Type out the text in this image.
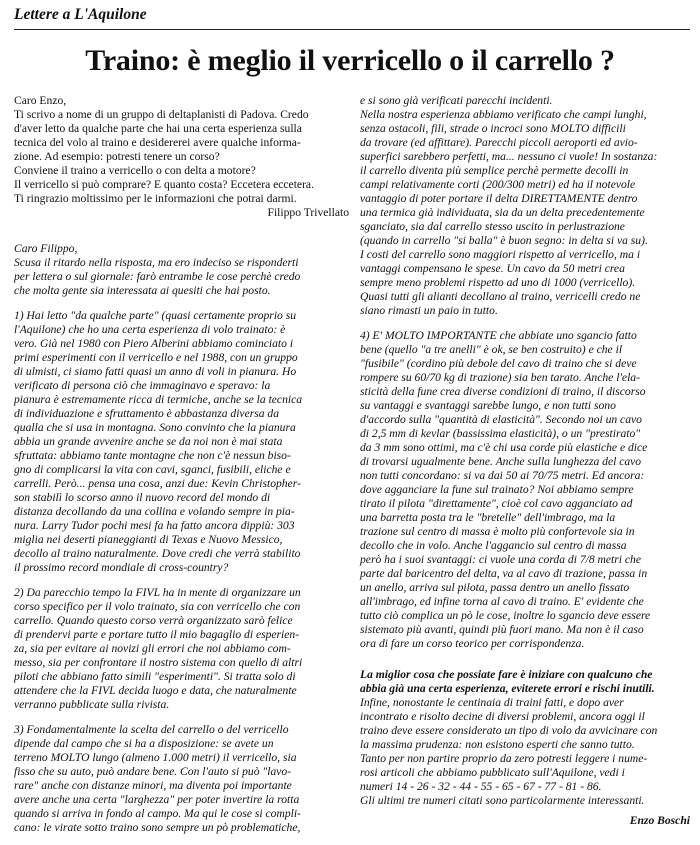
Lettere a L'Aquilone
Traino: è meglio il verricello o il carrello ?

Caro Enzo,

Ti scrivo a nome di un gruppo di deltaplanisti di Padova. Credo

d'aver letto da qualche parte che hai una certa esperienza sulla

tecnica del volo al traino e desidererei avere qualche informa-

zione. Ad esempio: potresti tenere un corso?

Conviene il traino a verricello o con delta a motore?

Il verricello si può comprare? E quanto costa? Eccetera eccetera.

Ti ringrazio moltissimo per le informazioni che potrai darmi.

Filippo Trivellato

Caro Filippo,

Scusa il ritardo nella risposta, ma ero indeciso se risponderti

per lettera o sul giornale: farò entrambe le cose perchè credo

che molta gente sia interessata ai quesiti che hai posto.

1) Hai letto "da qualche parte" (quasi certamente proprio su

l'Aquilone) che ho una certa esperienza di volo trainato: è

vero. Già nel 1980 con Piero Alberini abbiamo cominciato i

primi esperimenti con il verricello e nel 1988, con un gruppo

di ulmisti, ci siamo fatti quasi un anno di voli in pianura. Ho

verificato di persona ciò che immaginavo e speravo: la

pianura è estremamente ricca di termiche, anche se la tecnica

di individuazione e sfruttamento è abbastanza diversa da

qualla che si usa in montagna. Sono convinto che la pianura

abbia un grande avvenire anche se da noi non è mai stata

sfruttata: abbiamo tante montagne che non c'è nessun biso-

gno di complicarsi la vita con cavi, sganci, fusibili, eliche e

carrelli. Però... pensa una cosa, anzi due: Kevin Christopher-

son stabilì lo scorso anno il nuovo record del mondo di

distanza decollando da una collina e volando sempre in pia-

nura. Larry Tudor pochi mesi fa ha fatto ancora dippiù: 303

miglia nei deserti pianeggianti di Texas e Nuovo Messico,

decollo al traino naturalmente. Dove credi che verrà stabilito

il prossimo record mondiale di cross-country?

2) Da parecchio tempo la FIVL ha in mente di organizzare un

corso specifico per il volo trainato, sia con verricello che con

carrello. Quando questo corso verrà organizzato sarò felice

di prendervi parte e portare tutto il mio bagaglio di esperien-

za, sia per evitare ai novizi gli errori che noi abbiamo com-

messo, sia per confrontare il nostro sistema con quello di altri

piloti che abbiano fatto simili "esperimenti". Si tratta solo di

attendere che la FIVL decida luogo e data, che naturalmente

verranno pubblicate sulla rivista.

3) Fondamentalmente la scelta del carrello o del verricello

dipende dal campo che si ha a disposizione: se avete un

terreno MOLTO lungo (almeno 1.000 metri) il verricello, sia

fisso che su auto, può andare bene. Con l'auto si può "lavo-

rare" anche con distanze minori, ma diventa poi importante

avere anche una certa "larghezza" per poter invertire la rotta

quando si arriva in fondo al campo. Ma qui le cose si compli-

cano: le virate sotto traino sono sempre un pò problematiche,

e si sono già verificati parecchi incidenti.

Nella nostra esperienza abbiamo verificato che campi lunghi,

senza ostacoli, fili, strade o incroci sono MOLTO difficili

da trovare (ed affittare). Parecchi piccoli aeroporti ed avio-

superfici sarebbero perfetti, ma... nessuno ci vuole! In sostanza:

il carrello diventa più semplice perchè permette decolli in

campi relativamente corti (200/300 metri) ed ha il notevole

vantaggio di poter portare il delta DIRETTAMENTE dentro

una termica già individuata, sia da un delta precedentemente

sganciato, sia dal carrello stesso uscito in perlustrazione

(quando in carrello "si balla" è buon segno: in delta si va su).

I costi del carrello sono maggiori rispetto al verricello, ma i

vantaggi compensano le spese. Un cavo da 50 metri crea

sempre meno problemi rispetto ad uno di 1000 (verricello).

Quasi tutti gli alianti decollano al traino, verricelli credo ne

siano rimasti un paio in tutto.

4) E' MOLTO IMPORTANTE che abbiate uno sgancio fatto

bene (quello "a tre anelli" è ok, se ben costruito) e che il

"fusibile" (cordino più debole del cavo di traino che si deve

rompere su 60/70 kg di trazione) sia ben tarato. Anche l'ela-

sticità della fune crea diverse condizioni di traino, il discorso

su vantaggi e svantaggi sarebbe lungo, e non tutti sono

d'accordo sulla "quantità di elasticità". Secondo noi un cavo

di 2,5 mm di kevlar (bassissima elasticità), o un "prestirato"

da 3 mm sono ottimi, ma c'è chi usa corde più elastiche e dice

di trovarsi ugualmente bene. Anche sulla lunghezza del cavo

non tutti concordano: si va dai 50 ai 70/75 metri. Ed ancora:

dove agganciare la fune sul trainato? Noi abbiamo sempre

tirato il pilota "direttamente", cioè col cavo agganciato ad

una barretta posta tra le "bretelle" dell'imbrago, ma la

trazione sul centro di massa è molto più confortevole sia in

decollo che in volo. Anche l'aggancio sul centro di massa

però ha i suoi svantaggi: ci vuole una corda di 7/8 metri che

parte dal baricentro del delta, va al cavo di trazione, passa in

un anello, arriva sul pilota, passa dentro un anello fissato

all'imbrago, ed infine torna al cavo di traino. E' evidente che

tutto ciò complica un pò le cose, inoltre lo sgancio deve essere

sistemato più avanti, quindi più fuori mano. Ma non è il caso

ora di fare un corso teorico per corrispondenza.

La miglior cosa che possiate fare è iniziare con qualcuno che

abbia già una certa esperienza, eviterete errori e rischi inutili.

Infine, nonostante le centinaia di traini fatti, e dopo aver

incontrato e risolto decine di diversi problemi, ancora oggi il

traino deve essere considerato un tipo di volo da avvicinare con

la massima prudenza: non esistono esperti che sanno tutto.

Tanto per non partire proprio da zero potresti leggere i nume-

rosi articoli che abbiamo pubblicato sull'Aquilone, vedi i

numeri 14 - 26 - 32 - 44 - 55 - 65 - 67 - 77 - 81 - 86.

Gli ultimi tre numeri citati sono particolarmente interessanti.

Enzo Boschi
